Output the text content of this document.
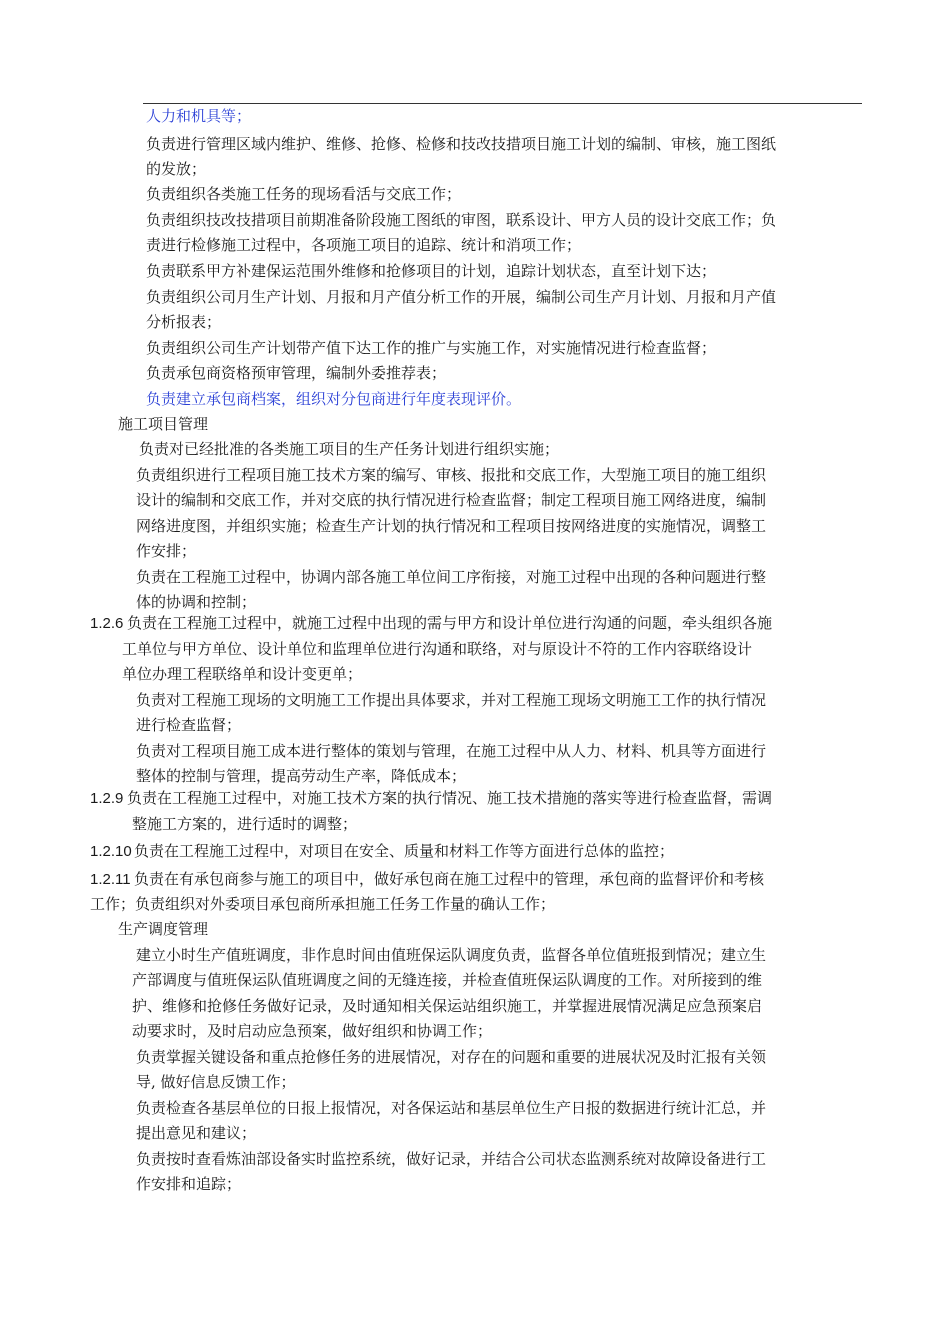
人力和机具等；
负责进行管理区域内维护、维修、抢修、检修和技改技措项目施工计划的编制、审核，施工图纸
的发放；
负责组织各类施工任务的现场看活与交底工作；
负责组织技改技措项目前期准备阶段施工图纸的审图，联系设计、甲方人员的设计交底工作；负
责进行检修施工过程中，各项施工项目的追踪、统计和消项工作；
负责联系甲方补建保运范围外维修和抢修项目的计划，追踪计划状态，直至计划下达；
负责组织公司月生产计划、月报和月产值分析工作的开展，编制公司生产月计划、月报和月产值
分析报表；
负责组织公司生产计划带产值下达工作的推广与实施工作，对实施情况进行检查监督；
负责承包商资格预审管理，编制外委推荐表；
负责建立承包商档案，组织对分包商进行年度表现评价。
施工项目管理
负责对已经批准的各类施工项目的生产任务计划进行组织实施；
负责组织进行工程项目施工技术方案的编写、审核、报批和交底工作，大型施工项目的施工组织
设计的编制和交底工作，并对交底的执行情况进行检查监督；制定工程项目施工网络进度，编制
网络进度图，并组织实施；检查生产计划的执行情况和工程项目按网络进度的实施情况，调整工
作安排；
负责在工程施工过程中，协调内部各施工单位间工序衔接，对施工过程中出现的各种问题进行整
体的协调和控制；
1.2.6 负责在工程施工过程中，就施工过程中出现的需与甲方和设计单位进行沟通的问题，牵头组织各施
工单位与甲方单位、设计单位和监理单位进行沟通和联络，对与原设计不符的工作内容联络设计
单位办理工程联络单和设计变更单；
负责对工程施工现场的文明施工工作提出具体要求，并对工程施工现场文明施工工作的执行情况
进行检查监督；
负责对工程项目施工成本进行整体的策划与管理，在施工过程中从人力、材料、机具等方面进行
整体的控制与管理，提高劳动生产率，降低成本；
1.2.9 负责在工程施工过程中，对施工技术方案的执行情况、施工技术措施的落实等进行检查监督，需调
整施工方案的，进行适时的调整；
1.2.10 负责在工程施工过程中，对项目在安全、质量和材料工作等方面进行总体的监控；
1.2.11 负责在有承包商参与施工的项目中，做好承包商在施工过程中的管理，承包商的监督评价和考核
工作；负责组织对外委项目承包商所承担施工任务工作量的确认工作；
生产调度管理
建立小时生产值班调度，非作息时间由值班保运队调度负责，监督各单位值班报到情况；建立生
产部调度与值班保运队值班调度之间的无缝连接，并检查值班保运队调度的工作。对所接到的维
护、维修和抢修任务做好记录，及时通知相关保运站组织施工，并掌握进展情况满足应急预案启
动要求时，及时启动应急预案，做好组织和协调工作；
负责掌握关键设备和重点抢修任务的进展情况，对存在的问题和重要的进展状况及时汇报有关领
导, 做好信息反馈工作；
负责检查各基层单位的日报上报情况，对各保运站和基层单位生产日报的数据进行统计汇总，并
提出意见和建议；
负责按时查看炼油部设备实时监控系统，做好记录，并结合公司状态监测系统对故障设备进行工
作安排和追踪；
